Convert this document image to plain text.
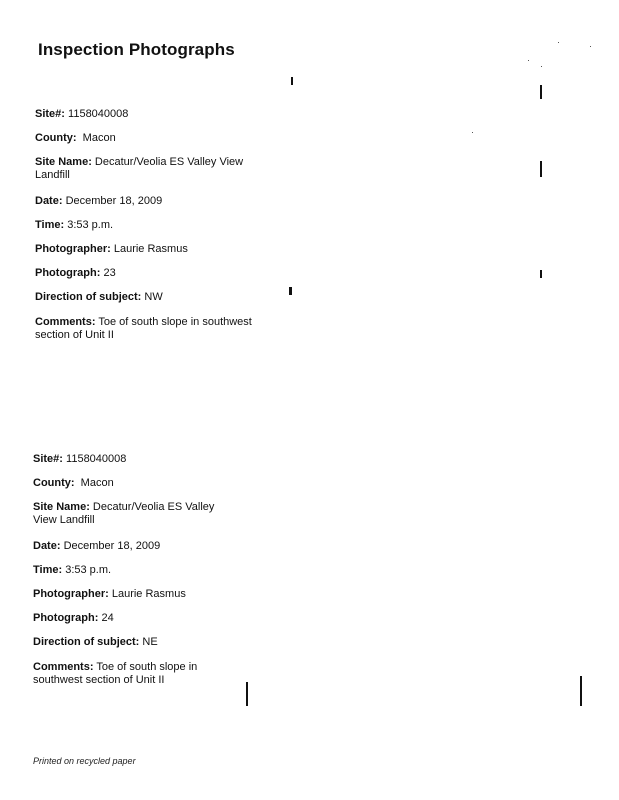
Inspection Photographs
Site#: 1158040008
County: Macon
Site Name: Decatur/Veolia ES Valley View
Landfill
Date: December 18, 2009
Time: 3:53 p.m.
Photographer: Laurie Rasmus
Photograph: 23
Direction of subject: NW
Comments: Toe of south slope in southwest
section of Unit II
Site#: 1158040008
County: Macon
Site Name: Decatur/Veolia ES Valley
View Landfill
Date: December 18, 2009
Time: 3:53 p.m.
Photographer: Laurie Rasmus
Photograph: 24
Direction of subject: NE
Comments: Toe of south slope in
southwest section of Unit II
Printed on recycled paper
